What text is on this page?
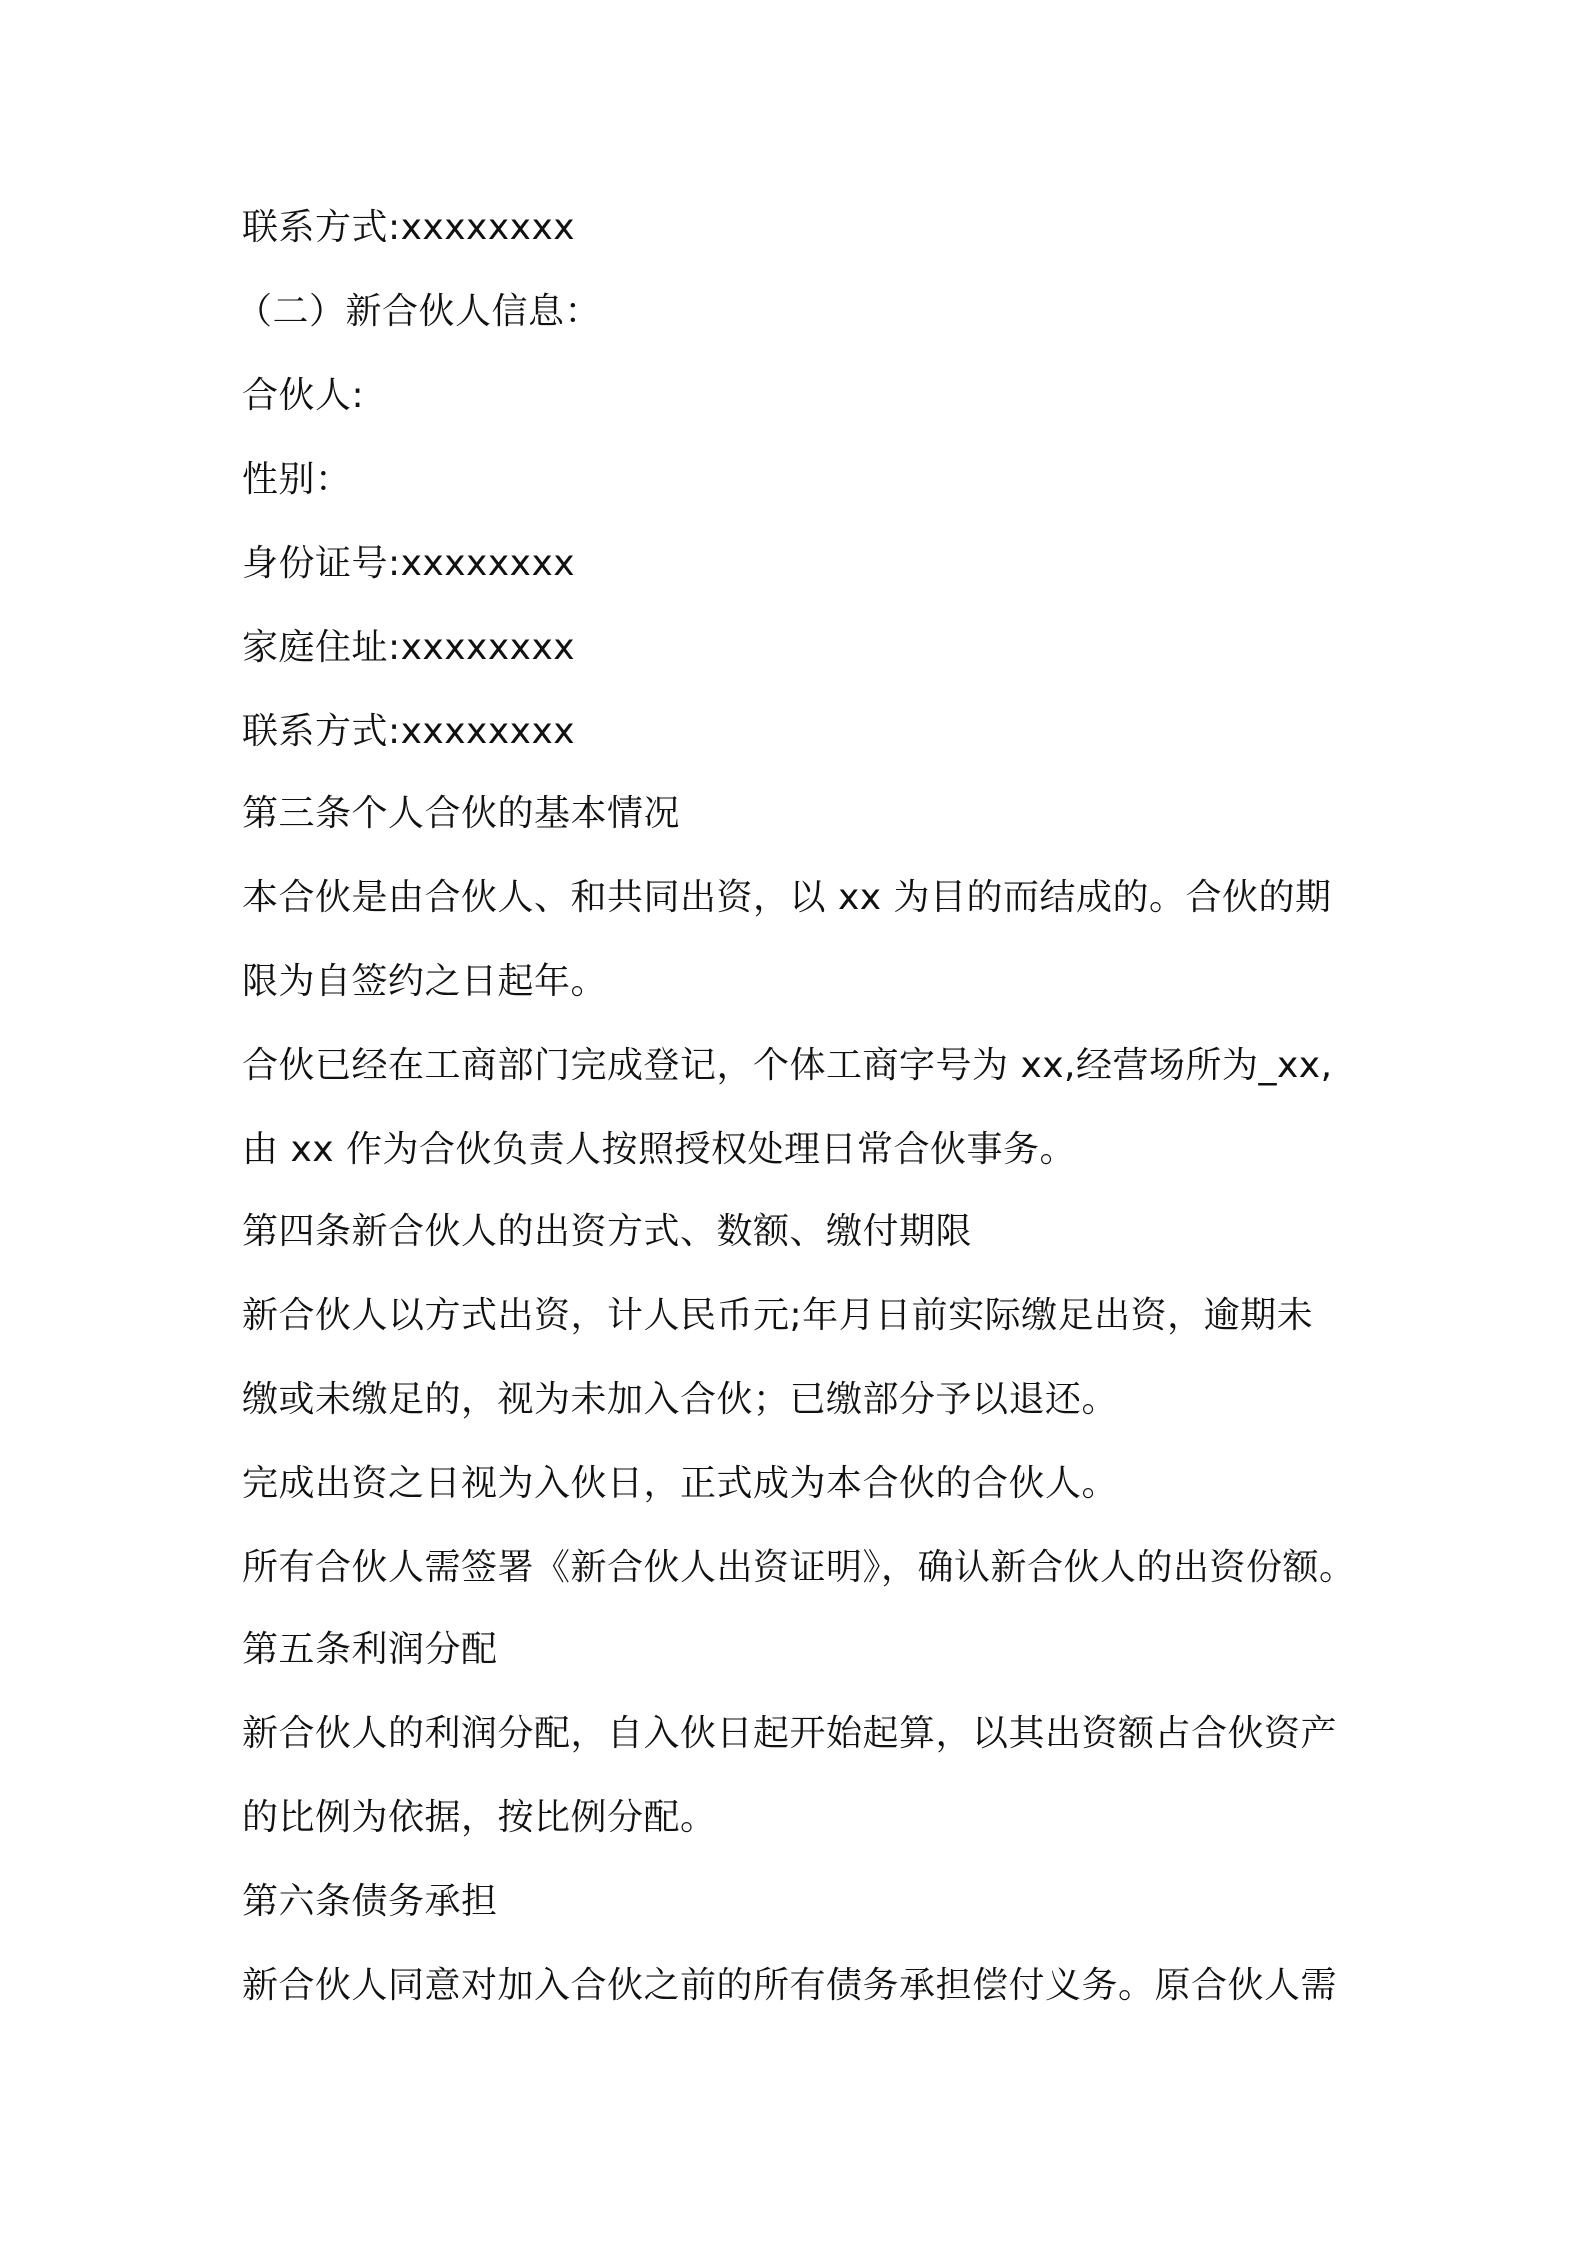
联系方式:xxxxxxxx
（二）新合伙人信息：
合伙人:
性别：
身份证号:xxxxxxxx
家庭住址:xxxxxxxx
联系方式:xxxxxxxx
第三条个人合伙的基本情况
本合伙是由合伙人、和共同出资，以 xx 为目的而结成的。合伙的期
限为自签约之日起年。
合伙已经在工商部门完成登记，个体工商字号为 xx,经营场所为_xx,
由 xx 作为合伙负责人按照授权处理日常合伙事务。
第四条新合伙人的出资方式、数额、缴付期限
新合伙人以方式出资，计人民币元;年月日前实际缴足出资，逾期未
缴或未缴足的，视为未加入合伙；已缴部分予以退还。
完成出资之日视为入伙日，正式成为本合伙的合伙人。
所有合伙人需签署《新合伙人出资证明》，确认新合伙人的出资份额。
第五条利润分配
新合伙人的利润分配，自入伙日起开始起算，以其出资额占合伙资产
的比例为依据，按比例分配。
第六条债务承担
新合伙人同意对加入合伙之前的所有债务承担偿付义务。原合伙人需
